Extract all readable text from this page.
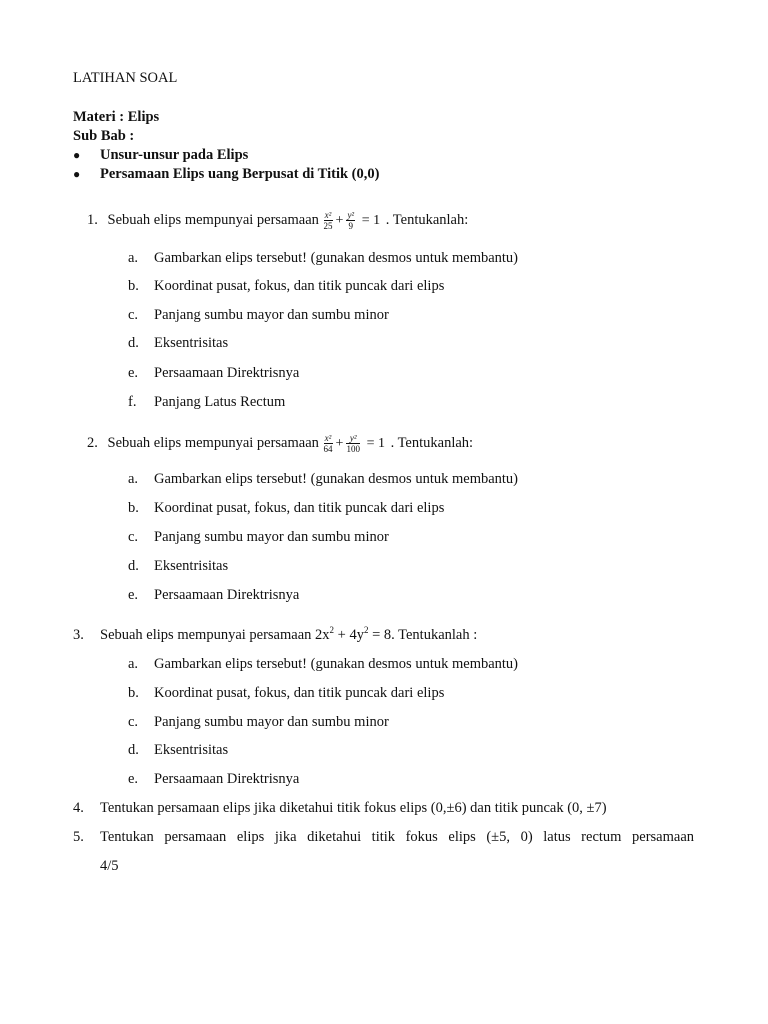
LATIHAN SOAL
Materi : Elips
Sub Bab :
● Unsur-unsur pada Elips
● Persamaan Elips uang Berpusat di Titik (0,0)
1. Sebuah elips mempunyai persamaan $\frac{\text{x²}}{25} + \frac{\text{y²}}{9} = 1$ . Tentukanlah:
a. Gambarkan elips tersebut! (gunakan desmos untuk membantu)
b. Koordinat pusat, fokus, dan titik puncak dari elips
c. Panjang sumbu mayor dan sumbu minor
d. Eksentrisitas
e. Persaamaan Direktrisnya
f. Panjang Latus Rectum
2. Sebuah elips mempunyai persamaan $\frac{\text{x²}}{64} + \frac{\text{y²}}{100} = 1$ . Tentukanlah:
a. Gambarkan elips tersebut! (gunakan desmos untuk membantu)
b. Koordinat pusat, fokus, dan titik puncak dari elips
c. Panjang sumbu mayor dan sumbu minor
d. Eksentrisitas
e. Persaamaan Direktrisnya
3. Sebuah elips mempunyai persamaan $2x^2 + 4y^2 = 8$. Tentukanlah :
a. Gambarkan elips tersebut! (gunakan desmos untuk membantu)
b. Koordinat pusat, fokus, dan titik puncak dari elips
c. Panjang sumbu mayor dan sumbu minor
d. Eksentrisitas
e. Persaamaan Direktrisnya
4. Tentukan persamaan elips jika diketahui titik fokus elips (0,±6) dan titik puncak (0, ±7)
5. Tentukan persamaan elips jika diketahui titik fokus elips (±5, 0) latus rectum persamaan
4/5
